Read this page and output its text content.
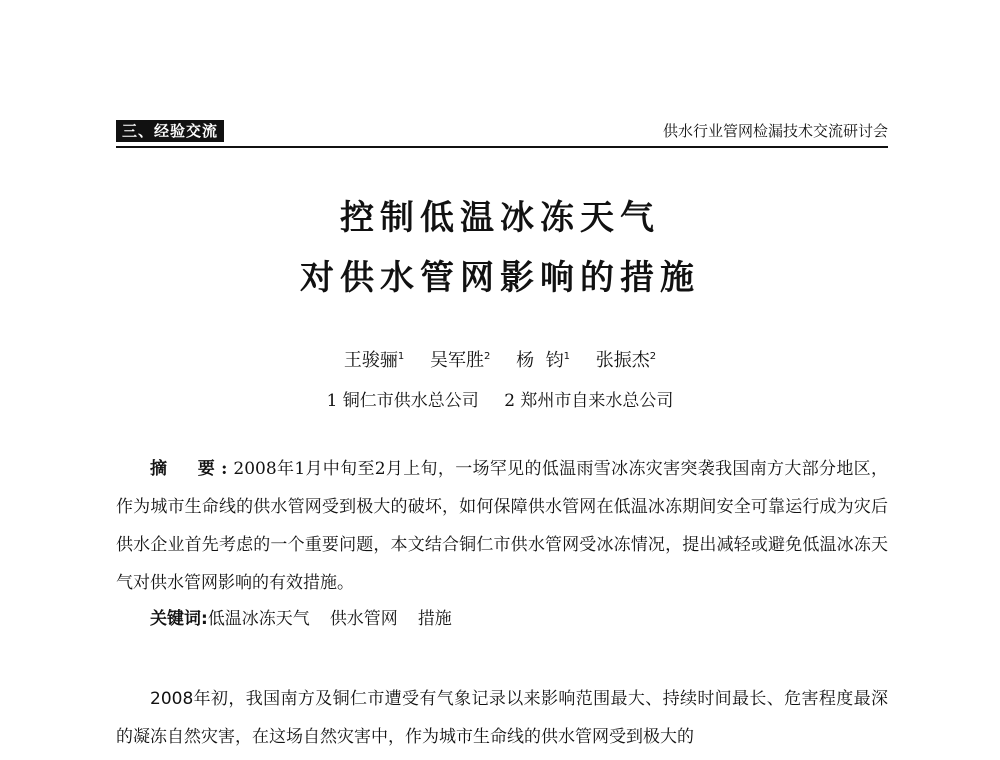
三、经验交流	供水行业管网检漏技术交流研讨会
控制低温冰冻天气
对供水管网影响的措施
王骏骊$^1$ 吴军胜$^2$ 杨  钧$^1$ 张振杰$^2$
1 铜仁市供水总公司 2 郑州市自来水总公司
摘  要:2008年1月中旬至2月上旬，一场罕见的低温雨雪冰冻灾害突袭我国南方大部分地区，作为城市生命线的供水管网受到极大的破坏，如何保障供水管网在低温冰冻期间安全可靠运行成为灾后供水企业首先考虑的一个重要问题，本文结合铜仁市供水管网受冰冻情况，提出减轻或避免低温冰冻天气对供水管网影响的有效措施。
关键词:低温冰冻天气 供水管网 措施
2008年初，我国南方及铜仁市遭受有气象记录以来影响范围最大、持续时间最长、危害程度最深的凝冻自然灾害，在这场自然灾害中，作为城市生命线的供水管网受到极大的
